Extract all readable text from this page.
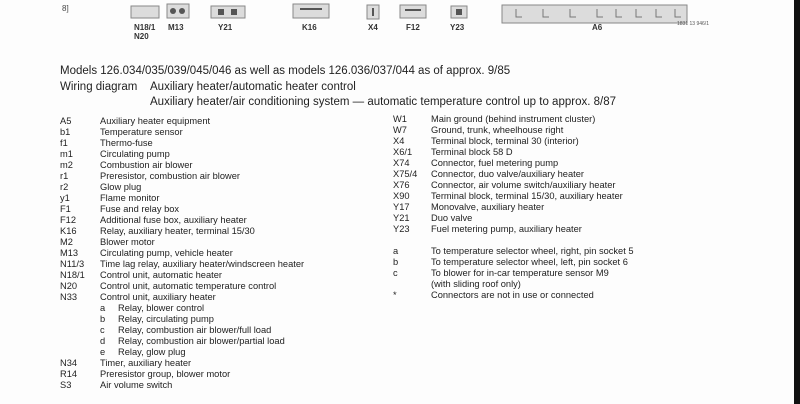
8]
N18/1
N20
M13	Y21	K16	X4	F12	Y23	A6	1831 13 946/1
Models 126.034/035/039/045/046 as well as models 126.036/037/044 as of approx. 9/85
Wiring diagram Auxiliary heater/automatic heater control
Auxiliary heater/air conditioning system — automatic temperature control up to approx. 8/87
A5	Auxiliary heater equipment
b1	Temperature sensor
f1	Thermo-fuse
m1	Circulating pump
m2	Combustion air blower
r1	Preresistor, combustion air blower
r2	Glow plug
y1	Flame monitor
F1	Fuse and relay box
F12	Additional fuse box, auxiliary heater
K16	Relay, auxiliary heater, terminal 15/30
M2	Blower motor
M13 Circulating pump, vehicle heater
N11/3 Time lag relay, auxiliary heater/windscreen heater
N18/1 Control unit, automatic heater
N20 Control unit, automatic temperature control
N33 Control unit, auxiliary heater
a Relay, blower control
b Relay, circulating pump
c Relay, combustion air blower/full load
d Relay, combustion air blower/partial load
e Relay, glow plug
N34 Timer, auxiliary heater
R14 Preresistor group, blower motor
S3	Air volume switch
W1	Main ground (behind instrument cluster)
W7	Ground, trunk, wheelhouse right
X4	Terminal block, terminal 30 (interior)
X6/1 Terminal block 58 D
X74 Connector, fuel metering pump
X75/4 Connector, duo valve/auxiliary heater
X76 Connector, air volume switch/auxiliary heater
X90 Terminal block, terminal 15/30, auxiliary heater
Y17 Monovalve, auxiliary heater
Y21 Duo valve
Y23 Fuel metering pump, auxiliary heater
a	To temperature selector wheel, right, pin socket 5
b	To temperature selector wheel, left, pin socket 6
c	To blower for in-car temperature sensor M9
(with sliding roof only)
*	Connectors are not in use or connected
